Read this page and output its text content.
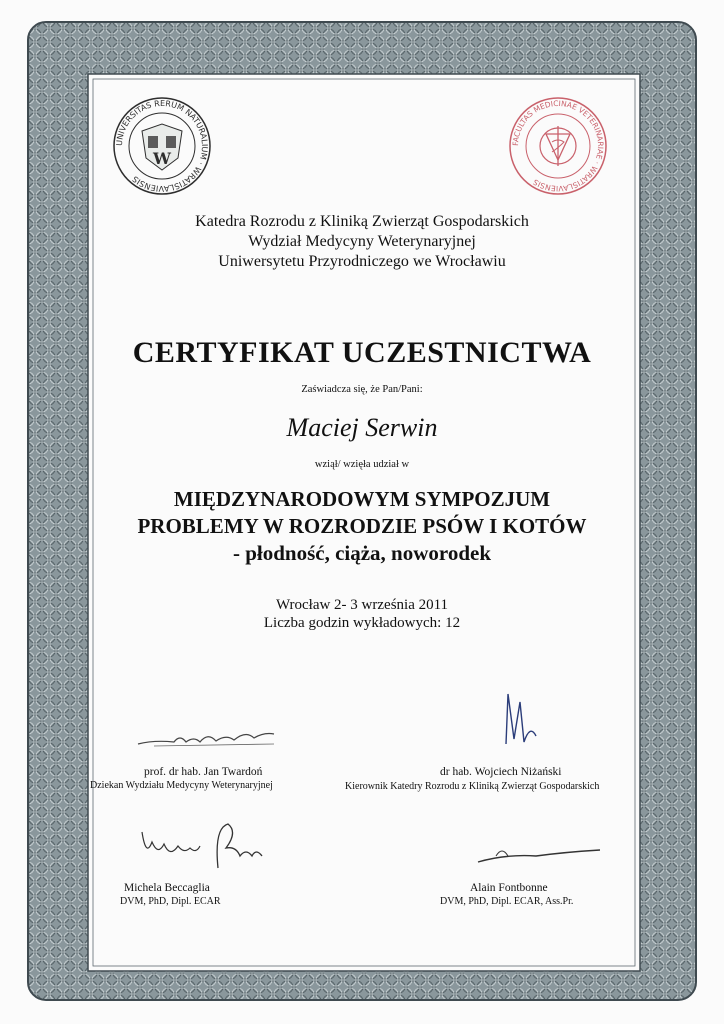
UNIVERSITAS RERUM NATURALIUM · WRATISLAVIENSIS
W
FACULTAS MEDICINAE VETERINARIAE · WRATISLAVIENSIS
Katedra Rozrodu z Kliniką Zwierząt Gospodarskich
Wydział Medycyny Weterynaryjnej
Uniwersytetu Przyrodniczego we Wrocławiu
CERTYFIKAT UCZESTNICTWA
Zaświadcza się, że Pan/Pani:
Maciej Serwin
wziął/ wzięła udział w
MIĘDZYNARODOWYM SYMPOZJUM
PROBLEMY W ROZRODZIE PSÓW I KOTÓW
- płodność, ciąża, noworodek
Wrocław 2- 3 września 2011
Liczba godzin wykładowych: 12
prof. dr hab. Jan Twardoń
Dziekan Wydziału Medycyny Weterynaryjnej
dr hab. Wojciech Niżański
Kierownik Katedry Rozrodu z Kliniką Zwierząt Gospodarskich
Michela Beccaglia
DVM, PhD, Dipl. ECAR
Alain Fontbonne
DVM, PhD, Dipl. ECAR, Ass.Pr.
